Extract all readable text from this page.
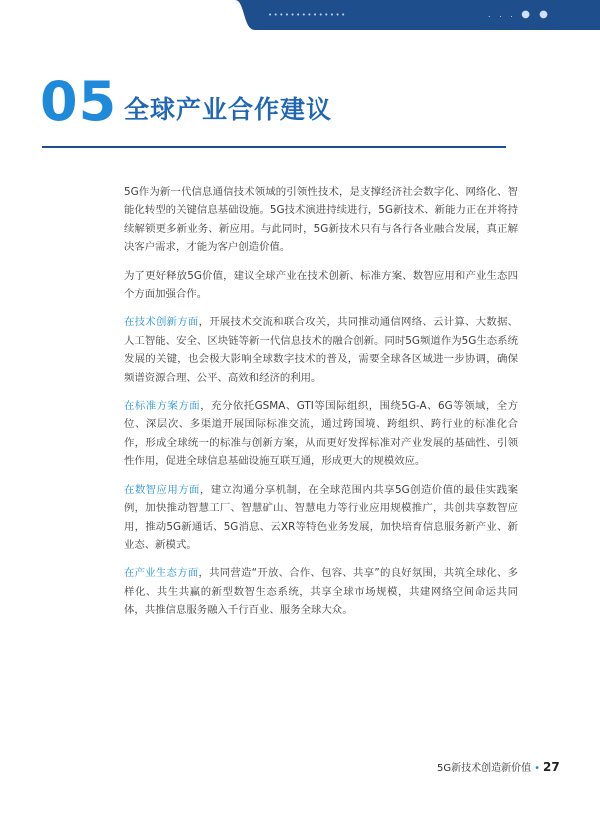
••••••••••••••	. . . ● ●
05 全球产业合作建议

5G作为新一代信息通信技术领域的引领性技术，是支撑经济社会数字化、网络化、智能化转型的关键信息基础设施。5G技术演进持续进行，5G新技术、新能力正在并将持续解锁更多新业务、新应用。与此同时，5G新技术只有与各行各业融合发展，真正解决客户需求，才能为客户创造价值。

为了更好释放5G价值，建议全球产业在技术创新、标准方案、数智应用和产业生态四个方面加强合作。

在技术创新方面，开展技术交流和联合攻关，共同推动通信网络、云计算、大数据、人工智能、安全、区块链等新一代信息技术的融合创新。同时5G频道作为5G生态系统发展的关键，也会极大影响全球数字技术的普及，需要全球各区域进一步协调，确保频谱资源合理、公平、高效和经济的利用。

在标准方案方面，充分依托GSMA、GTI等国际组织，围绕5G-A、6G等领域，全方位、深层次、多渠道开展国际标准交流，通过跨国境、跨组织、跨行业的标准化合作，形成全球统一的标准与创新方案，从而更好发挥标准对产业发展的基础性、引领性作用，促进全球信息基础设施互联互通，形成更大的规模效应。

在数智应用方面，建立沟通分享机制，在全球范围内共享5G创造价值的最佳实践案例，加快推动智慧工厂、智慧矿山、智慧电力等行业应用规模推广，共创共享数智应用，推动5G新通话、5G消息、云XR等特色业务发展，加快培育信息服务新产业、新业态、新模式。

在产业生态方面，共同营造“开放、合作、包容、共享”的良好氛围，共筑全球化、多样化、共生共赢的新型数智生态系统，共享全球市场规模，共建网络空间命运共同体，共推信息服务融入千行百业、服务全球大众。

5G新技术创造新价值 • 27
